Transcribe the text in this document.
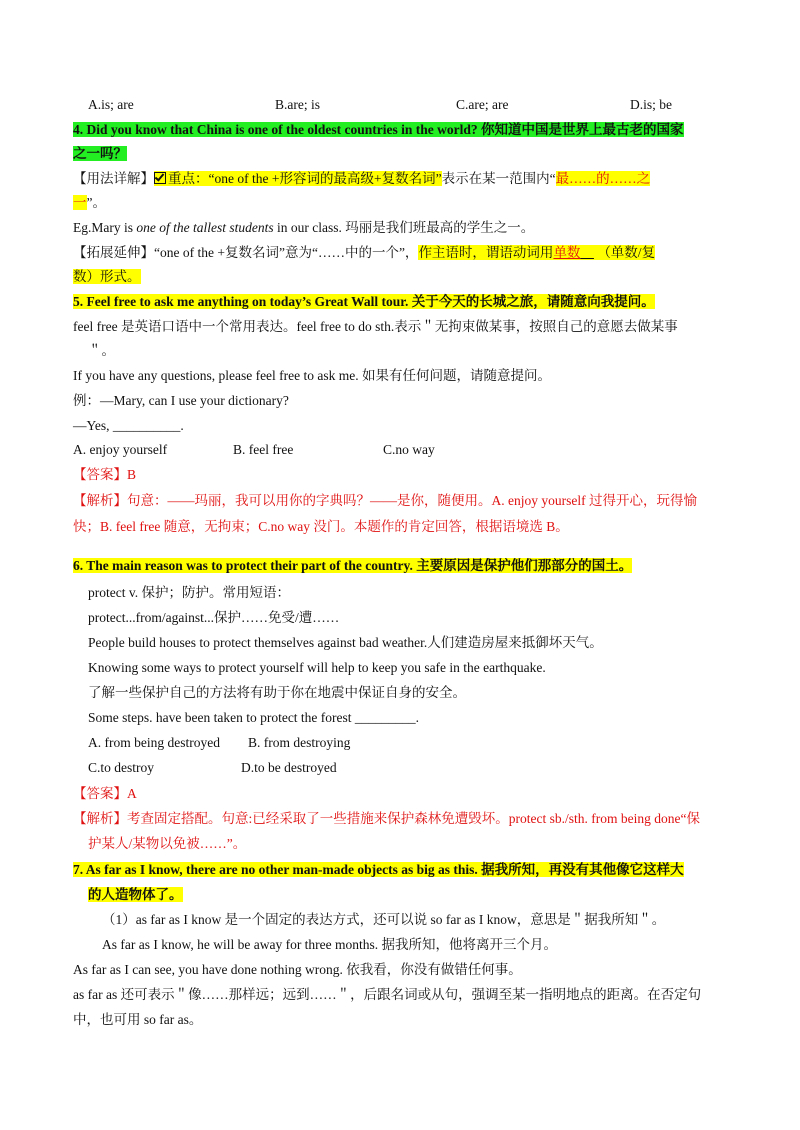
A.is; are	B.are; is	C.are; are	D.is; be
4. Did you know that China is one of the oldest countries in the world? 你知道中国是世界上最古老的国家
之一吗？
【用法详解】 重点：“one of the +形容词的最高级+复数名词”表示在某一范围内“最……的……之
一”。
Eg.Mary is one of the tallest students in our class. 玛丽是我们班最高的学生之一。
【拓展延伸】“one of the +复数名词”意为“……中的一个”，作主语时，谓语动词用单数     （单数/复
数）形式。
5. Feel free to ask me anything on today’s Great Wall tour. 关于今天的长城之旅，请随意向我提问。
feel free 是英语口语中一个常用表达。feel free to do sth.表示＂无拘束做某事，按照自己的意愿去做某事
＂。
If you have any questions, please feel free to ask me. 如果有任何问题，请随意提问。
例：—Mary, can I use your dictionary?
—Yes, __________.
A. enjoy yourself	B. feel free	C.no way
【答案】B
【解析】句意：——玛丽，我可以用你的字典吗？——是你，随便用。A. enjoy yourself 过得开心，玩得愉
快；B. feel free 随意，无拘束；C.no way 没门。本题作的肯定回答，根据语境选 B。
6. The main reason was to protect their part of the country. 主要原因是保护他们那部分的国土。
protect v. 保护；防护。常用短语：
protect...from/against...保护……免受/遭……
People build houses to protect themselves against bad weather.人们建造房屋来抵御坏天气。
Knowing some ways to protect yourself will help to keep you safe in the earthquake.
了解一些保护自己的方法将有助于你在地震中保证自身的安全。
Some steps. have been taken to protect the forest _________.
A. from being destroyed B. from destroying
C.to destroy	D.to be destroyed
【答案】A
【解析】考查固定搭配。句意:已经采取了一些措施来保护森林免遭毁坏。protect sb./sth. from being done“保
护某人/某物以免被……”。
7. As far as I know, there are no other man-made objects as big as this. 据我所知，再没有其他像它这样大
的人造物体了。
（1）as far as I know 是一个固定的表达方式，还可以说 so far as I know，意思是＂据我所知＂。
As far as I know, he will be away for three months. 据我所知，他将离开三个月。
As far as I can see, you have done nothing wrong. 依我看，你没有做错任何事。
as far as 还可表示＂像……那样远；远到……＂，后跟名词或从句，强调至某一指明地点的距离。在否定句
中，也可用 so far as。
